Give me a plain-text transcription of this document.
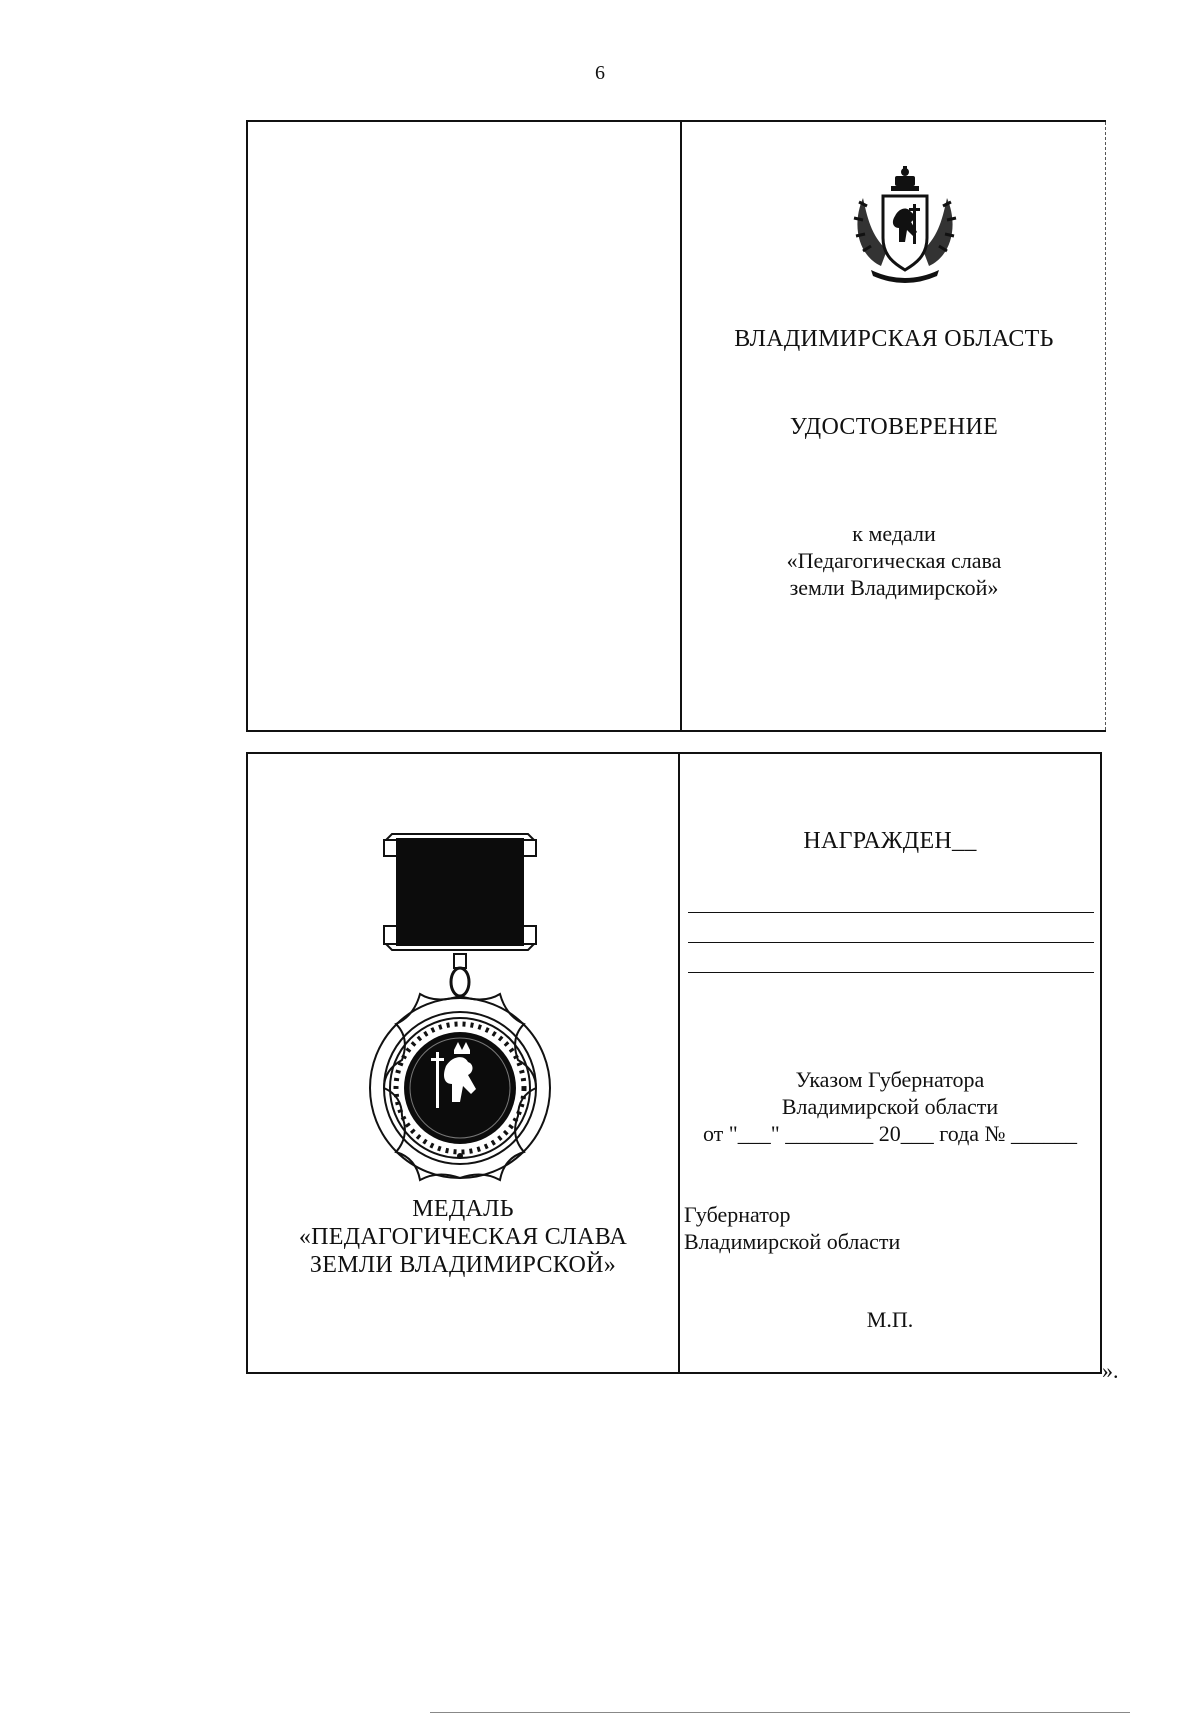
6
ВЛАДИМИРСКАЯ ОБЛАСТЬ
УДОСТОВЕРЕНИЕ
к медали
«Педагогическая слава
земли Владимирской»
МЕДАЛЬ
«ПЕДАГОГИЧЕСКАЯ СЛАВА
ЗЕМЛИ ВЛАДИМИРСКОЙ»
НАГРАЖДЕН__
Указом Губернатора
Владимирской области
от "___" ________ 20___ года № ______
Губернатор
Владимирской области
М.П.
».
